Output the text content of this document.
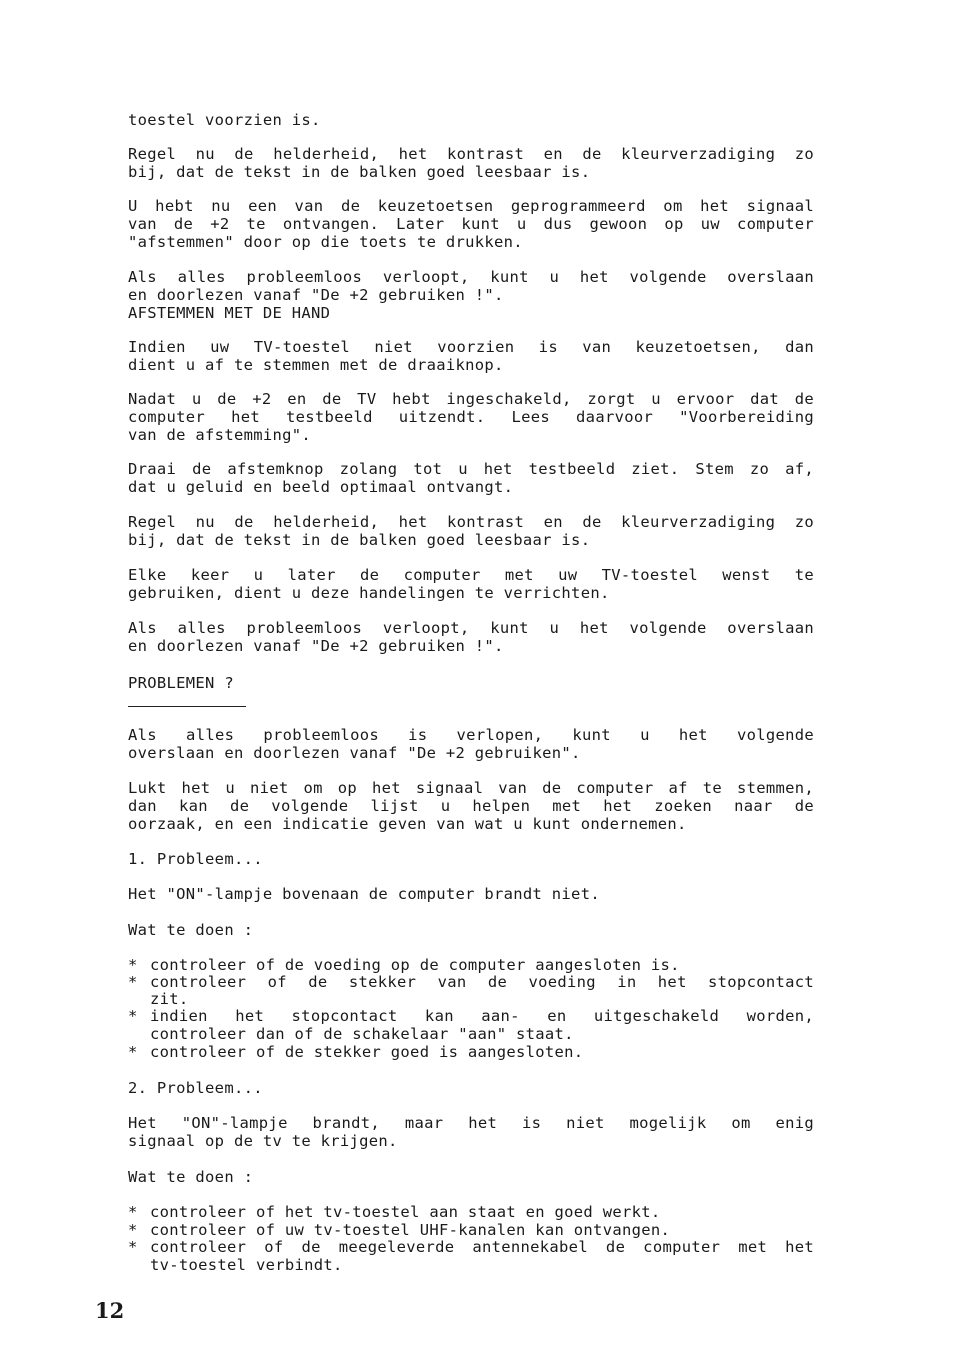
12
toestel voorzien is.
Regel nu de helderheid, het kontrast en de kleurverzadiging zo
bij, dat de tekst in de balken goed leesbaar is.
U hebt nu een van de keuzetoetsen geprogrammeerd om het signaal
van de +2 te ontvangen. Later kunt u dus gewoon op uw computer
"afstemmen" door op die toets te drukken.
Als alles probleemloos verloopt, kunt u het volgende overslaan
en doorlezen vanaf "De +2 gebruiken !".
AFSTEMMEN MET DE HAND
Indien uw TV-toestel niet voorzien is van keuzetoetsen, dan
dient u af te stemmen met de draaiknop.
Nadat u de +2 en de TV hebt ingeschakeld, zorgt u ervoor dat de
computer het testbeeld uitzendt. Lees daarvoor "Voorbereiding
van de afstemming".
Draai de afstemknop zolang tot u het testbeeld ziet. Stem zo af,
dat u geluid en beeld optimaal ontvangt.
Regel nu de helderheid, het kontrast en de kleurverzadiging zo
bij, dat de tekst in de balken goed leesbaar is.
Elke keer u later de computer met uw TV-toestel wenst te
gebruiken, dient u deze handelingen te verrichten.
Als alles probleemloos verloopt, kunt u het volgende overslaan
en doorlezen vanaf "De +2 gebruiken !".
PROBLEMEN ?
Als alles probleemloos is verlopen, kunt u het volgende
overslaan en doorlezen vanaf "De +2 gebruiken".
Lukt het u niet om op het signaal van de computer af te stemmen,
dan kan de volgende lijst u helpen met het zoeken naar de
oorzaak, en een indicatie geven van wat u kunt ondernemen.
1. Probleem...
Het "ON"-lampje bovenaan de computer brandt niet.
Wat te doen :
2. Probleem...
Het "ON"-lampje brandt, maar het is niet mogelijk om enig
signaal op de tv te krijgen.
Wat te doen :
* controleer of de voeding op de computer aangesloten is.
* controleer of de stekker van de voeding in het stopcontact
* indien het stopcontact kan aan- en uitgeschakeld worden,
* controleer of de stekker goed is aangesloten.
* controleer of het tv-toestel aan staat en goed werkt.
* controleer of uw tv-toestel UHF-kanalen kan ontvangen.
* controleer of de meegeleverde antennekabel de computer met het
zit.
controleer dan of de schakelaar "aan" staat.
tv-toestel verbindt.
